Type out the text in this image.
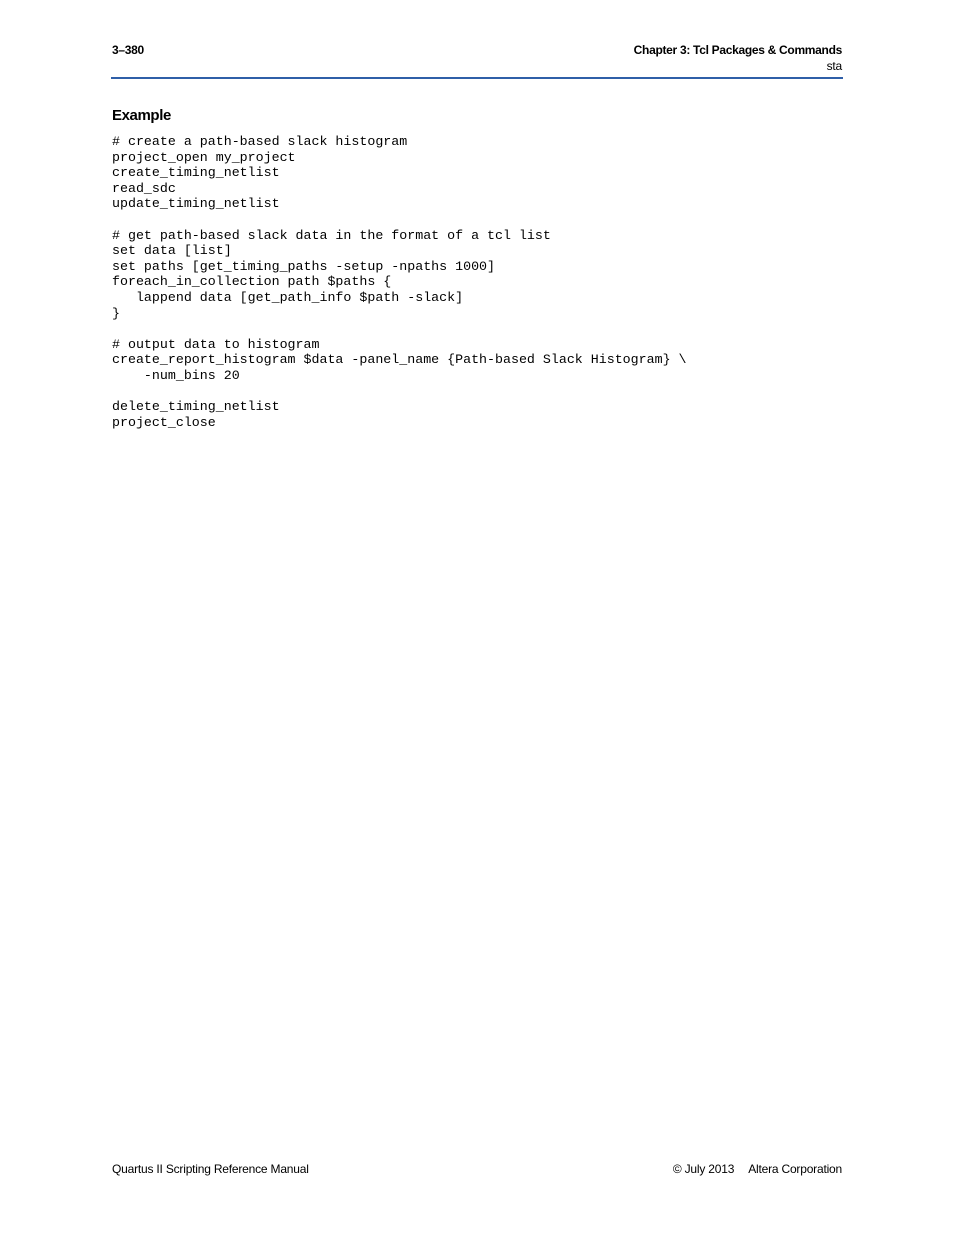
3–380	Chapter 3: Tcl Packages & Commands
sta
Example
# create a path-based slack histogram
project_open my_project
create_timing_netlist
read_sdc
update_timing_netlist

# get path-based slack data in the format of a tcl list
set data [list]
set paths [get_timing_paths -setup -npaths 1000]
foreach_in_collection path $paths {
lappend data [get_path_info $path -slack]
}

# output data to histogram
create_report_histogram $data -panel_name {Path-based Slack Histogram} \
-num_bins 20

delete_timing_netlist
project_close
Quartus II Scripting Reference Manual	© July 2013 Altera Corporation
